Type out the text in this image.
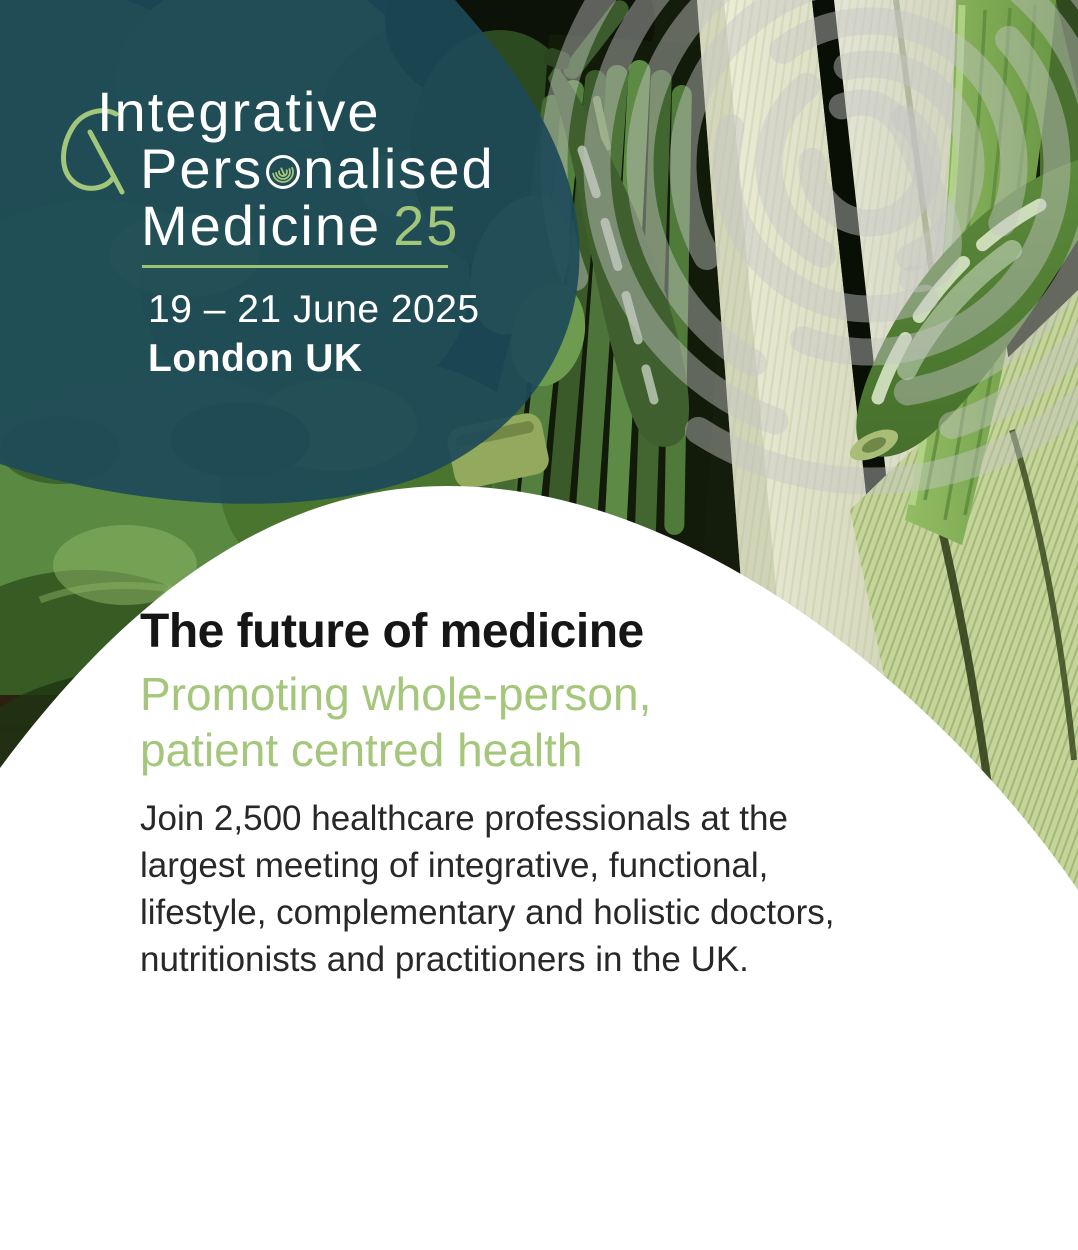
Integrative
Pers nalised
Medicine 25
19 – 21 June 2025
London UK
The future of medicine
Promoting whole-person,
patient centred health
Join 2,500 healthcare professionals at the
largest meeting of integrative, functional,
lifestyle, complementary and holistic doctors,
nutritionists and practitioners in the UK.
